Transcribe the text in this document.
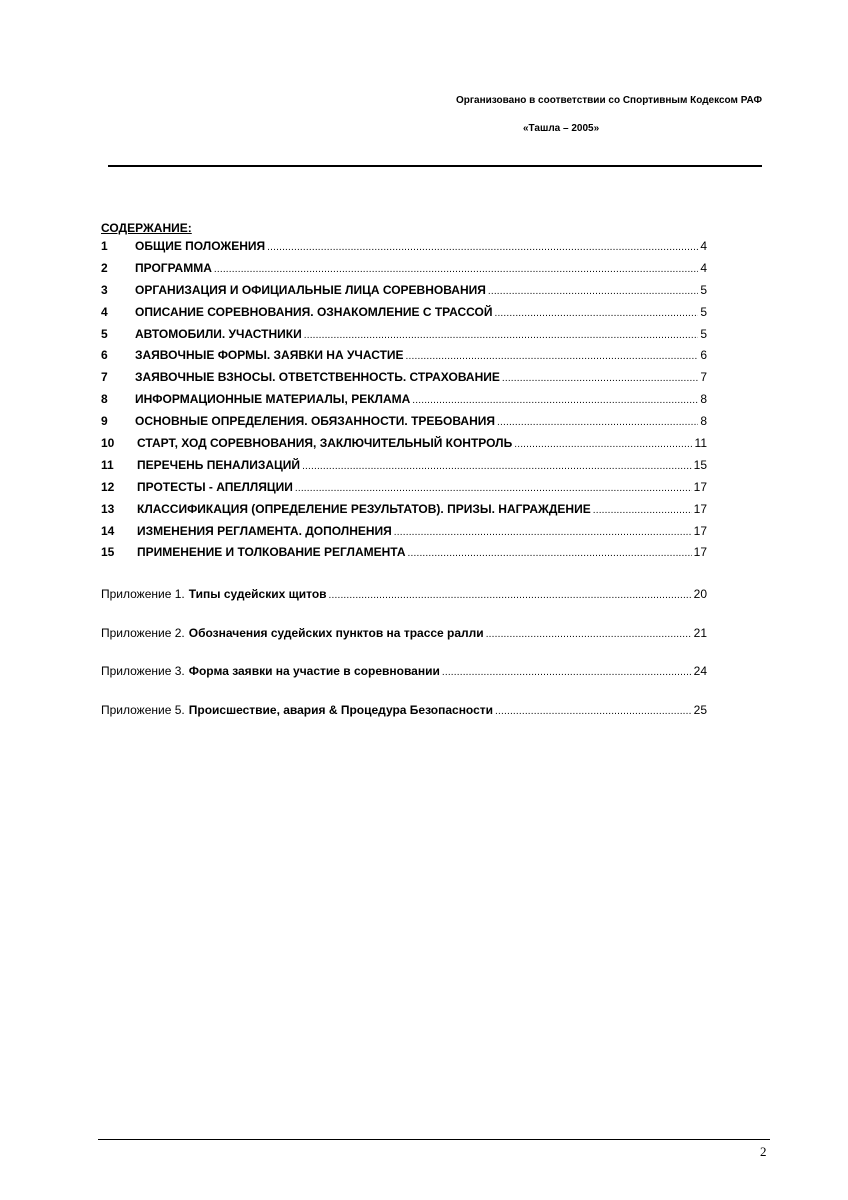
Организовано в соответствии со Спортивным Кодексом РАФ
«Ташла – 2005»
СОДЕРЖАНИЕ:
1	ОБЩИЕ ПОЛОЖЕНИЯ .....	4
2	ПРОГРАММА .....	4
3	ОРГАНИЗАЦИЯ И ОФИЦИАЛЬНЫЕ ЛИЦА СОРЕВНОВАНИЯ .....	5
4	ОПИСАНИЕ СОРЕВНОВАНИЯ. ОЗНАКОМЛЕНИЕ С ТРАССОЙ .....	5
5	АВТОМОБИЛИ. УЧАСТНИКИ .....	5
6	ЗАЯВОЧНЫЕ ФОРМЫ. ЗАЯВКИ НА УЧАСТИЕ .....	6
7	ЗАЯВОЧНЫЕ ВЗНОСЫ. ОТВЕТСТВЕННОСТЬ. СТРАХОВАНИЕ .....	7
8	ИНФОРМАЦИОННЫЕ МАТЕРИАЛЫ, РЕКЛАМА .....	8
9	ОСНОВНЫЕ ОПРЕДЕЛЕНИЯ. ОБЯЗАННОСТИ. ТРЕБОВАНИЯ .....	8
10	СТАРТ, ХОД СОРЕВНОВАНИЯ, ЗАКЛЮЧИТЕЛЬНЫЙ КОНТРОЛЬ .....	11
11	ПЕРЕЧЕНЬ ПЕНАЛИЗАЦИЙ .....	15
12	ПРОТЕСТЫ - АПЕЛЛЯЦИИ .....	17
13	КЛАССИФИКАЦИЯ (ОПРЕДЕЛЕНИЕ РЕЗУЛЬТАТОВ). ПРИЗЫ. НАГРАЖДЕНИЕ .....	17
14	ИЗМЕНЕНИЯ РЕГЛАМЕНТА. ДОПОЛНЕНИЯ .....	17
15	ПРИМЕНЕНИЕ И ТОЛКОВАНИЕ РЕГЛАМЕНТА .....	17
Приложение 1. Типы судейских щитов .....	20
Приложение 2. Обозначения судейских пунктов на трассе ралли .....	21
Приложение 3. Форма заявки на участие в соревновании .....	24
Приложение 5. Происшествие, авария & Процедура Безопасности .....	25
2
